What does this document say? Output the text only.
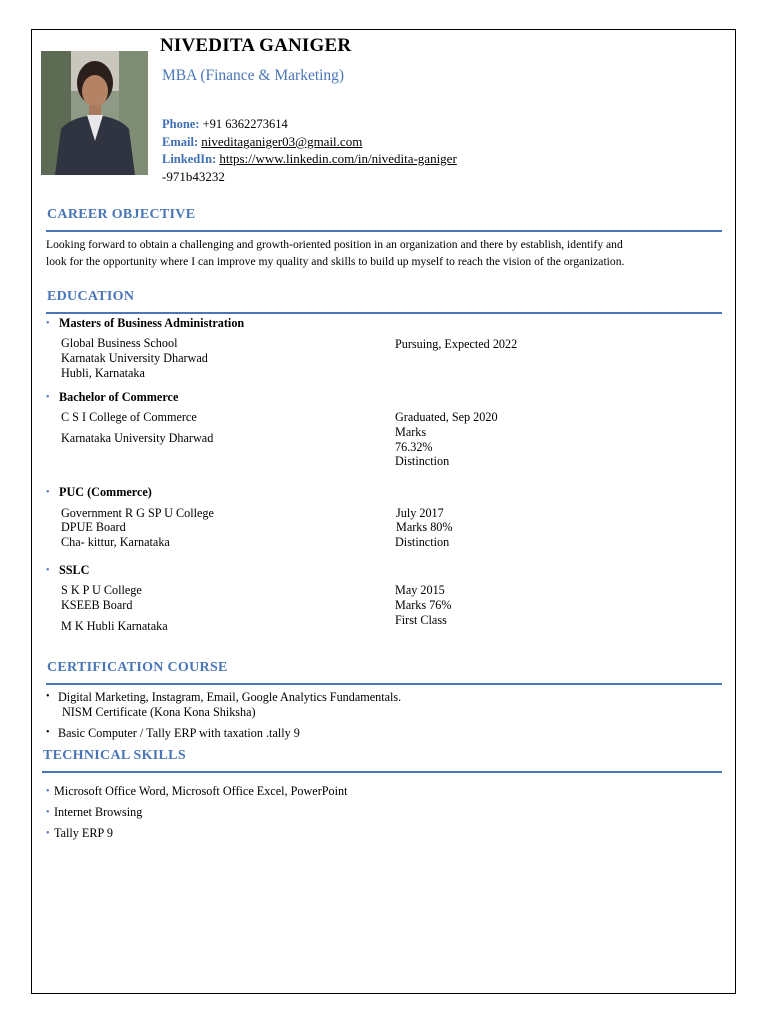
NIVEDITA GANIGER
MBA (Finance & Marketing)
Phone: +91 6362273614
Email: niveditaganiger03@gmail.com
LinkedIn: https://www.linkedin.com/in/nivedita-ganiger
-971b43232
CAREER OBJECTIVE
Looking forward to obtain a challenging and growth-oriented position in an organization and there by establish, identify and
look for the opportunity where I can improve my quality and skills to build up myself to reach the vision of the organization.
EDUCATION
• Masters of Business Administration
Global Business School
Karnatak University Dharwad
Hubli, Karnataka
Pursuing, Expected 2022
• Bachelor of Commerce
C S I College of Commerce
Karnataka University Dharwad
Graduated, Sep 2020
Marks
76.32%
Distinction
• PUC (Commerce)
Government R G SP U College
DPUE Board
Cha- kittur, Karnataka
July 2017
Marks 80%
Distinction
• SSLC
S K P U College
KSEEB Board
M K Hubli Karnataka
May 2015
Marks 76%
First Class
CERTIFICATION COURSE
• Digital Marketing, Instagram, Email, Google Analytics Fundamentals.
NISM Certificate (Kona Kona Shiksha)
• Basic Computer / Tally ERP with taxation .tally 9
TECHNICAL SKILLS
• Microsoft Office Word, Microsoft Office Excel, PowerPoint
• Internet Browsing
• Tally ERP 9
